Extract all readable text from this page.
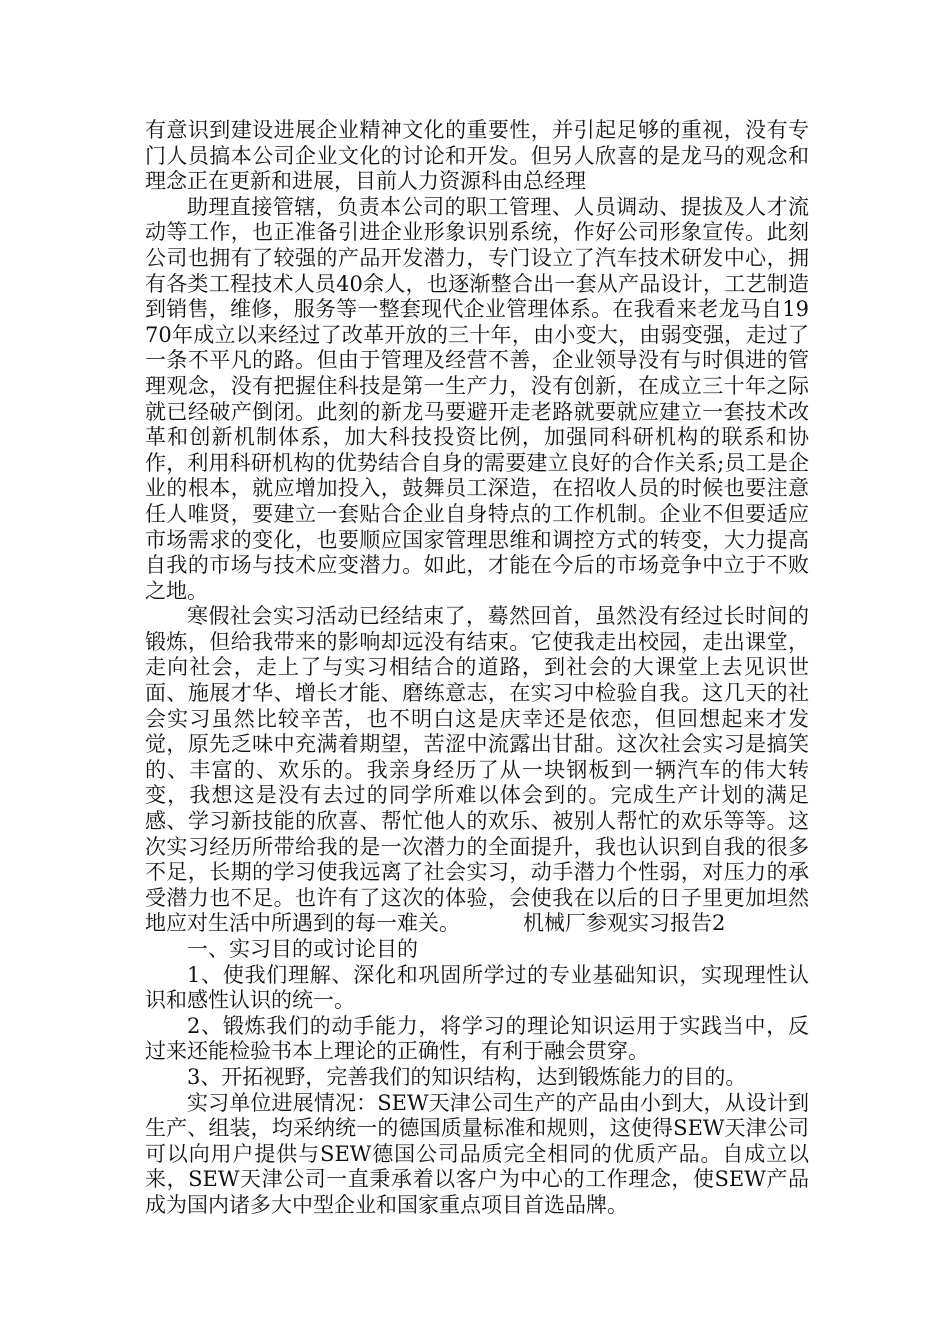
有意识到建设进展企业精神文化的重要性，并引起足够的重视，没有专门人员搞本公司企业文化的讨论和开发。但另人欣喜的是龙马的观念和理念正在更新和进展，目前人力资源科由总经理

助理直接管辖，负责本公司的职工管理、人员调动、提拔及人才流动等工作，也正准备引进企业形象识别系统，作好公司形象宣传。此刻公司也拥有了较强的产品开发潜力，专门设立了汽车技术研发中心，拥有各类工程技术人员40余人，也逐渐整合出一套从产品设计，工艺制造到销售，维修，服务等一整套现代企业管理体系。在我看来老龙马自1970年成立以来经过了改革开放的三十年，由小变大，由弱变强，走过了一条不平凡的路。但由于管理及经营不善，企业领导没有与时俱进的管理观念，没有把握住科技是第一生产力，没有创新，在成立三十年之际就已经破产倒闭。此刻的新龙马要避开走老路就要就应建立一套技术改革和创新机制体系，加大科技投资比例，加强同科研机构的联系和协作，利用科研机构的优势结合自身的需要建立良好的合作关系;员工是企业的根本，就应增加投入，鼓舞员工深造，在招收人员的时候也要注意任人唯贤，要建立一套贴合企业自身特点的工作机制。企业不但要适应市场需求的变化，也要顺应国家管理思维和调控方式的转变，大力提高自我的市场与技术应变潜力。如此，才能在今后的市场竞争中立于不败之地。

寒假社会实习活动已经结束了，蓦然回首，虽然没有经过长时间的锻炼，但给我带来的影响却远没有结束。它使我走出校园，走出课堂，走向社会，走上了与实习相结合的道路，到社会的大课堂上去见识世面、施展才华、增长才能、磨练意志，在实习中检验自我。这几天的社会实习虽然比较辛苦，也不明白这是庆幸还是依恋，但回想起来才发觉，原先乏味中充满着期望，苦涩中流露出甘甜。这次社会实习是搞笑的、丰富的、欢乐的。我亲身经历了从一块钢板到一辆汽车的伟大转变，我想这是没有去过的同学所难以体会到的。完成生产计划的满足感、学习新技能的欣喜、帮忙他人的欢乐、被别人帮忙的欢乐等等。这次实习经历所带给我的是一次潜力的全面提升，我也认识到自我的很多不足，长期的学习使我远离了社会实习，动手潜力个性弱，对压力的承受潜力也不足。也许有了这次的体验，会使我在以后的日子里更加坦然地应对生活中所遇到的每一难关。	机械厂参观实习报告2

一、实习目的或讨论目的

1、使我们理解、深化和巩固所学过的专业基础知识，实现理性认识和感性认识的统一。

2、锻炼我们的动手能力，将学习的理论知识运用于实践当中，反过来还能检验书本上理论的正确性，有利于融会贯穿。

3、开拓视野，完善我们的知识结构，达到锻炼能力的目的。

实习单位进展情况：SEW天津公司生产的产品由小到大，从设计到生产、组装，均采纳统一的德国质量标准和规则，这使得SEW天津公司可以向用户提供与SEW德国公司品质完全相同的优质产品。自成立以来，SEW天津公司一直秉承着以客户为中心的工作理念，使SEW产品成为国内诸多大中型企业和国家重点项目首选品牌。
